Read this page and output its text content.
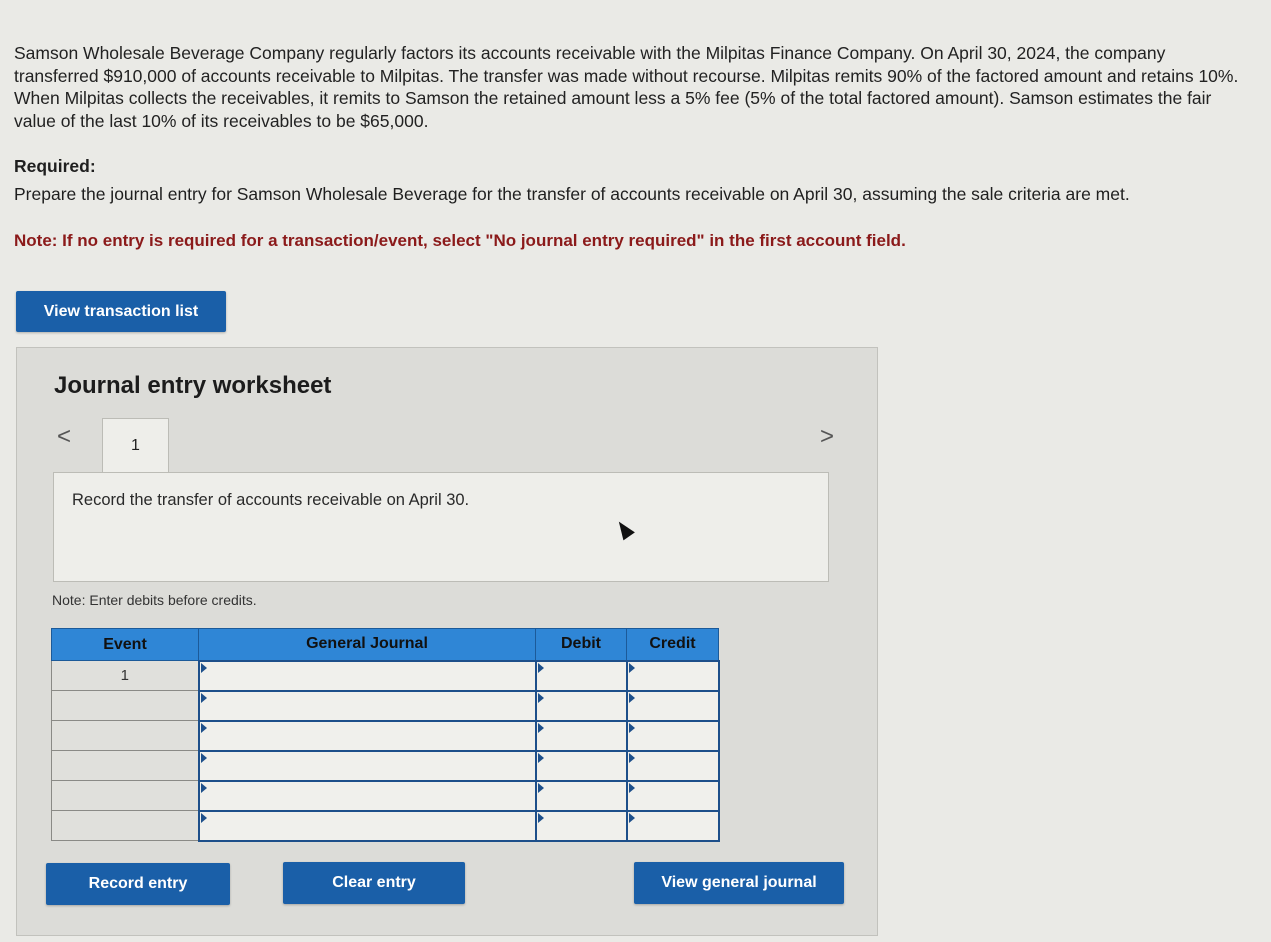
Samson Wholesale Beverage Company regularly factors its accounts receivable with the Milpitas Finance Company. On April 30, 2024, the company transferred $910,000 of accounts receivable to Milpitas. The transfer was made without recourse. Milpitas remits 90% of the factored amount and retains 10%. When Milpitas collects the receivables, it remits to Samson the retained amount less a 5% fee (5% of the total factored amount). Samson estimates the fair value of the last 10% of its receivables to be $65,000.
Required:
Prepare the journal entry for Samson Wholesale Beverage for the transfer of accounts receivable on April 30, assuming the sale criteria are met.
Note: If no entry is required for a transaction/event, select "No journal entry required" in the first account field.
View transaction list
Journal entry worksheet
<	1	>
Record the transfer of accounts receivable on April 30.
Note: Enter debits before credits.
Event	General Journal	Debit	Credit
1	

Record entry	Clear entry	View general journal
